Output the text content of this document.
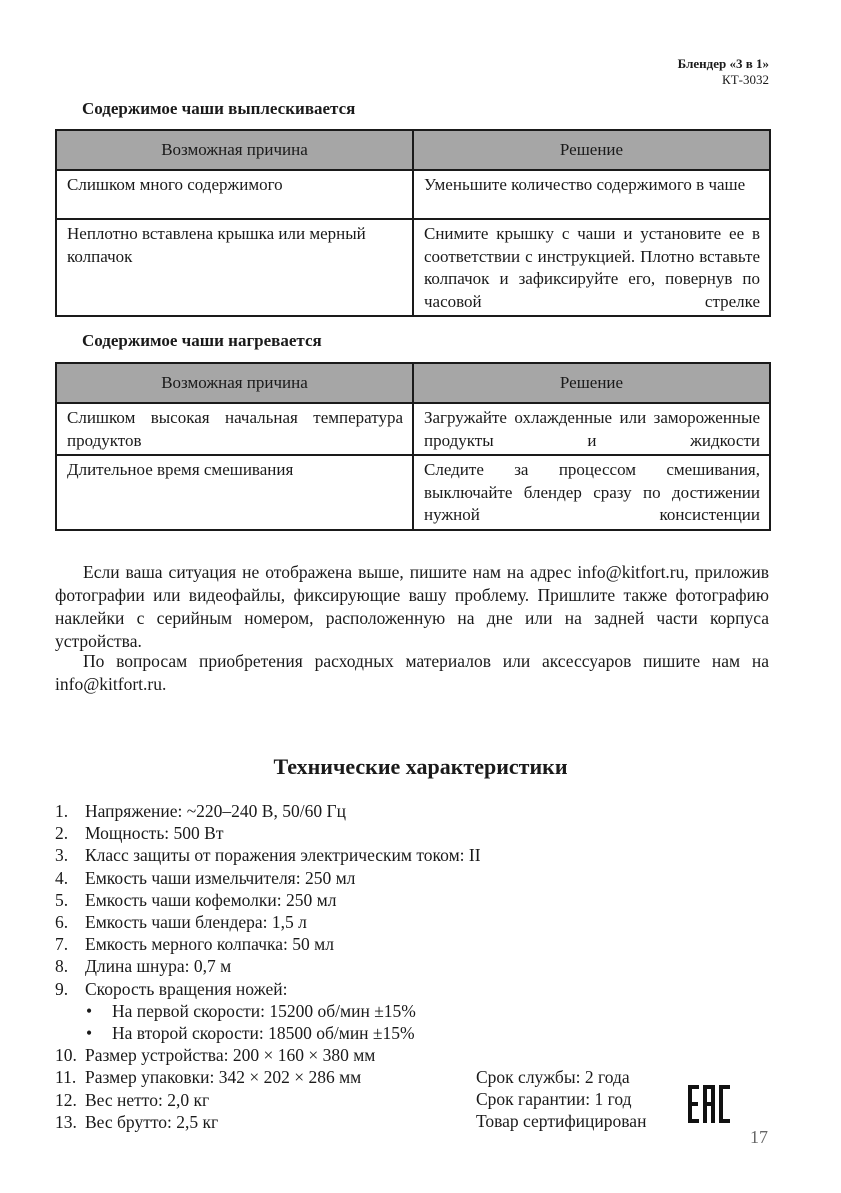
Блендер «3 в 1»
КТ-3032
Содержимое чаши выплескивается
Возможная причина	Решение
Слишком много содержимого	Уменьшите количество содержимого в чаше
Неплотно вставлена крышка или мерный колпачок	Снимите крышку с чаши и установите ее в соответствии с инструкцией. Плотно вставьте колпачок и зафиксируйте его, повернув по часовой стрелке
Содержимое чаши нагревается
Возможная причина	Решение
Слишком высокая начальная температура продуктов	Загружайте охлажденные или замороженные продукты и жидкости
Длительное время смешивания	Следите за процессом смешивания, выключайте блендер сразу по достижении нужной консистенции

Если ваша ситуация не отображена выше, пишите нам на адрес info@kitfort.ru, приложив фотографии или видеофайлы, фиксирующие вашу проблему. Пришлите также фотографию наклейки с серийным номером, расположенную на дне или на задней части корпуса устройства.

По вопросам приобретения расходных материалов или аксессуаров пишите нам на info@kitfort.ru.

Технические характеристики
1. Напряжение: ~220–240 В, 50/60 Гц
2. Мощность: 500 Вт
3. Класс защиты от поражения электрическим током: II
4. Емкость чаши измельчителя: 250 мл
5. Емкость чаши кофемолки: 250 мл
6. Емкость чаши блендера: 1,5 л
7. Емкость мерного колпачка: 50 мл
8. Длина шнура: 0,7 м
9. Скорость вращения ножей:
•	На первой скорости: 15200 об/мин ±15%
•	На второй скорости: 18500 об/мин ±15%
10. Размер устройства: 200 × 160 × 380 мм
11. Размер упаковки: 342 × 202 × 286 мм
12. Вес нетто: 2,0 кг
13. Вес брутто: 2,5 кг
Срок службы: 2 года
Срок гарантии: 1 год
Товар сертифицирован
17
